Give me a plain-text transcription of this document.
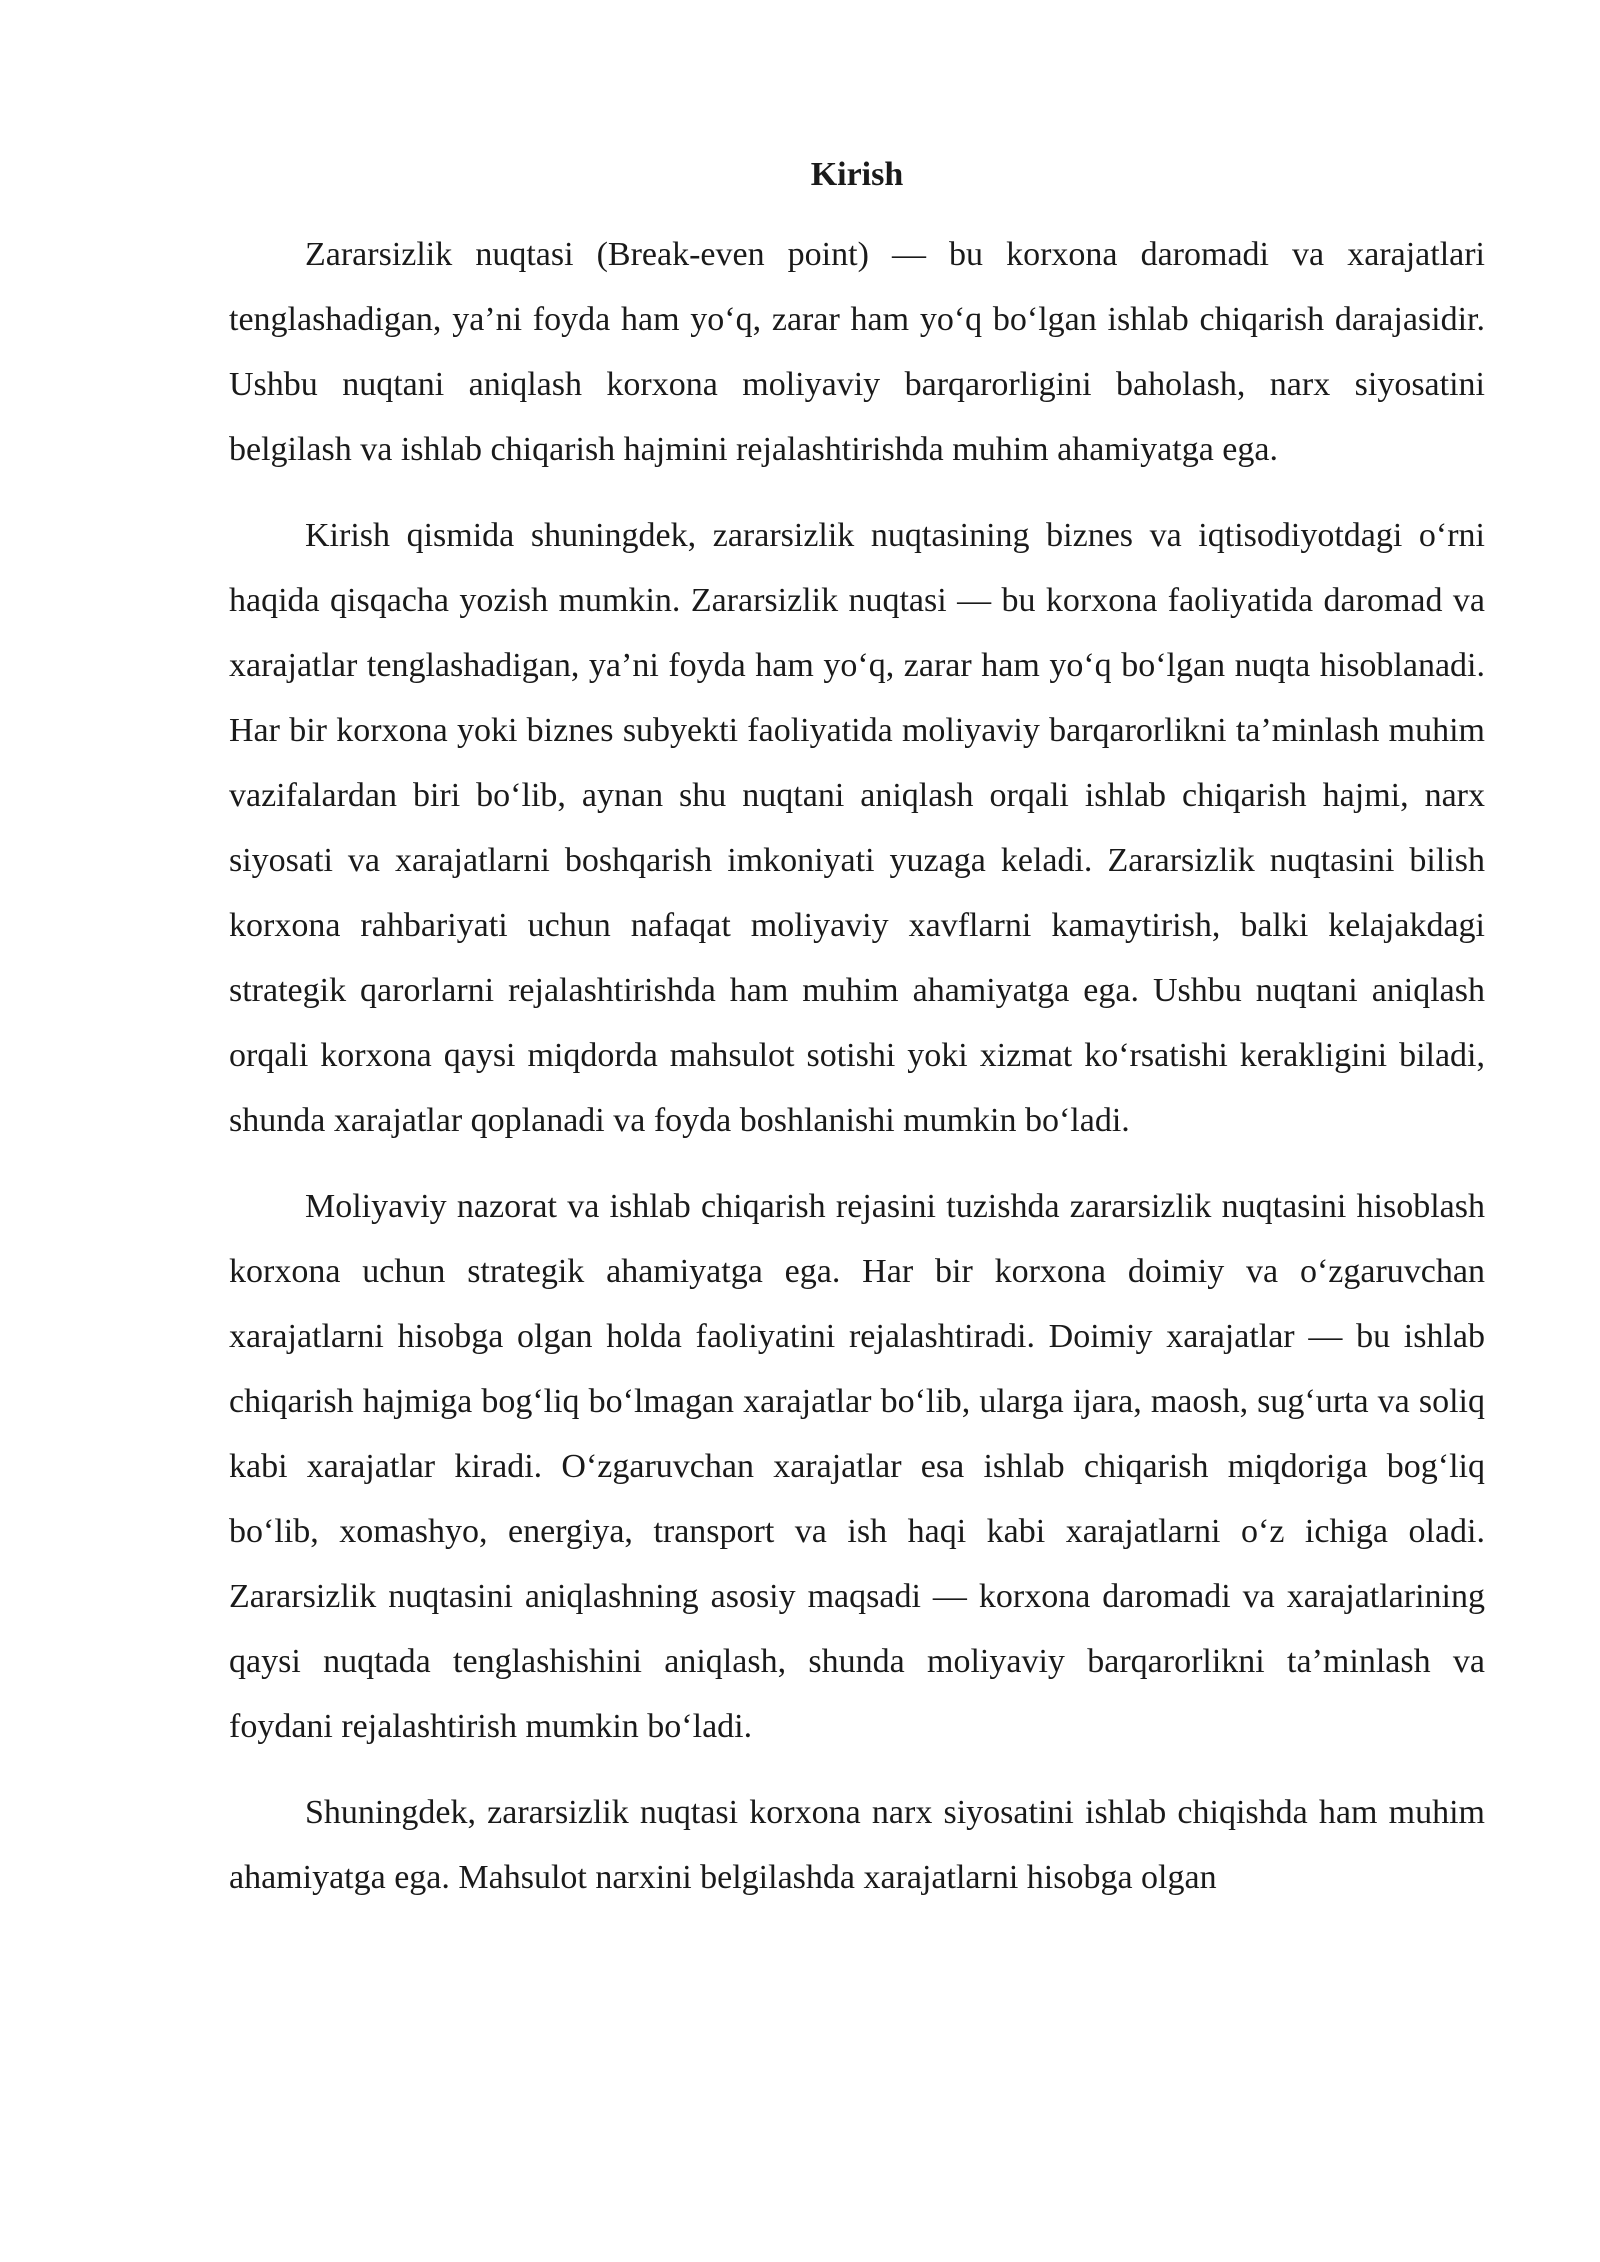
Kirish

Zararsizlik nuqtasi (Break-even point) — bu korxona daromadi va xarajatlari tenglashadigan, ya’ni foyda ham yo‘q, zarar ham yo‘q bo‘lgan ishlab chiqarish darajasidir. Ushbu nuqtani aniqlash korxona moliyaviy barqarorligini baholash, narx siyosatini belgilash va ishlab chiqarish hajmini rejalashtirishda muhim ahamiyatga ega.

Kirish qismida shuningdek, zararsizlik nuqtasining biznes va iqtisodiyotdagi o‘rni haqida qisqacha yozish mumkin. Zararsizlik nuqtasi — bu korxona faoliyatida daromad va xarajatlar tenglashadigan, ya’ni foyda ham yo‘q, zarar ham yo‘q bo‘lgan nuqta hisoblanadi. Har bir korxona yoki biznes subyekti faoliyatida moliyaviy barqarorlikni ta’minlash muhim vazifalardan biri bo‘lib, aynan shu nuqtani aniqlash orqali ishlab chiqarish hajmi, narx siyosati va xarajatlarni boshqarish imkoniyati yuzaga keladi. Zararsizlik nuqtasini bilish korxona rahbariyati uchun nafaqat moliyaviy xavflarni kamaytirish, balki kelajakdagi strategik qarorlarni rejalashtirishda ham muhim ahamiyatga ega. Ushbu nuqtani aniqlash orqali korxona qaysi miqdorda mahsulot sotishi yoki xizmat ko‘rsatishi kerakligini biladi, shunda xarajatlar qoplanadi va foyda boshlanishi mumkin bo‘ladi.

Moliyaviy nazorat va ishlab chiqarish rejasini tuzishda zararsizlik nuqtasini hisoblash korxona uchun strategik ahamiyatga ega. Har bir korxona doimiy va o‘zgaruvchan xarajatlarni hisobga olgan holda faoliyatini rejalashtiradi. Doimiy xarajatlar — bu ishlab chiqarish hajmiga bog‘liq bo‘lmagan xarajatlar bo‘lib, ularga ijara, maosh, sug‘urta va soliq kabi xarajatlar kiradi. O‘zgaruvchan xarajatlar esa ishlab chiqarish miqdoriga bog‘liq bo‘lib, xomashyo, energiya, transport va ish haqi kabi xarajatlarni o‘z ichiga oladi. Zararsizlik nuqtasini aniqlashning asosiy maqsadi — korxona daromadi va xarajatlarining qaysi nuqtada tenglashishini aniqlash, shunda moliyaviy barqarorlikni ta’minlash va foydani rejalashtirish mumkin bo‘ladi.

Shuningdek, zararsizlik nuqtasi korxona narx siyosatini ishlab chiqishda ham muhim ahamiyatga ega. Mahsulot narxini belgilashda xarajatlarni hisobga olgan
